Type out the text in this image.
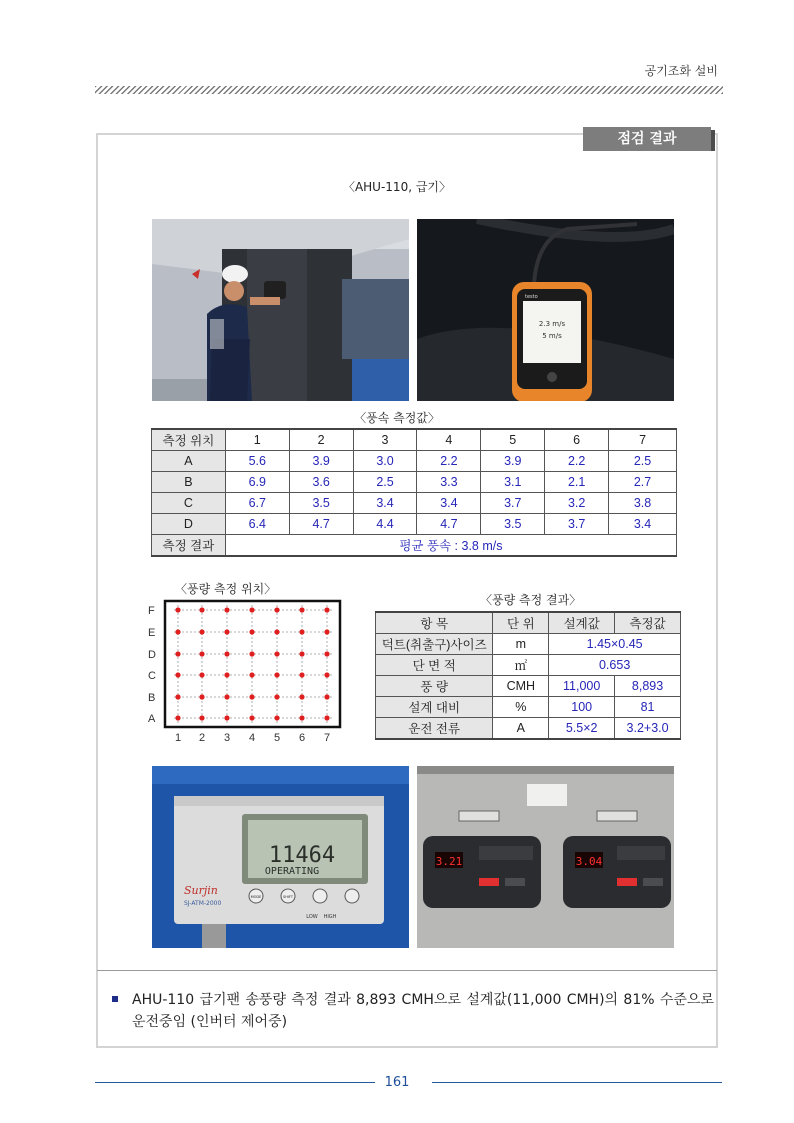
공기조화 설비
점검 결과
〈AHU-110, 급기〉
2.3 m/s
5 m/s
testo
〈풍속 측정값〉
측정 위치	1	2	3	4	5	6	7
A	5.6	3.9	3.0	2.2	3.9	2.2	2.5
B	6.9	3.6	2.5	3.3	3.1	2.1	2.7
C	6.7	3.5	3.4	3.4	3.7	3.2	3.8
D	6.4	4.7	4.4	4.7	3.5	3.7	3.4
측정 결과	평균 풍속 : 3.8 m/s						
〈풍량 측정 위치〉
F
E
D
C
B
A
1 2 3 4 5 6 7
〈풍량 측정 결과〉
항 목	단 위	설계값	측정값
덕트(취출구)사이즈	m	1.45×0.45	
단 면 적	㎡	0.653	
풍 량	CMH	11,000	8,893
설계 대비	%	100	81
운전 전류	A	5.5×2	3.2+3.0
11464
OPERATING
Surjin
SJ-ATM-2000
MODE	SHIFT
LOW HIGH
3.21	3.04
AHU-110 급기팬 송풍량 측정 결과 8,893 CMH으로 설계값(11,000 CMH)의 81% 수준으로 운전중임 (인버터 제어중)
161
